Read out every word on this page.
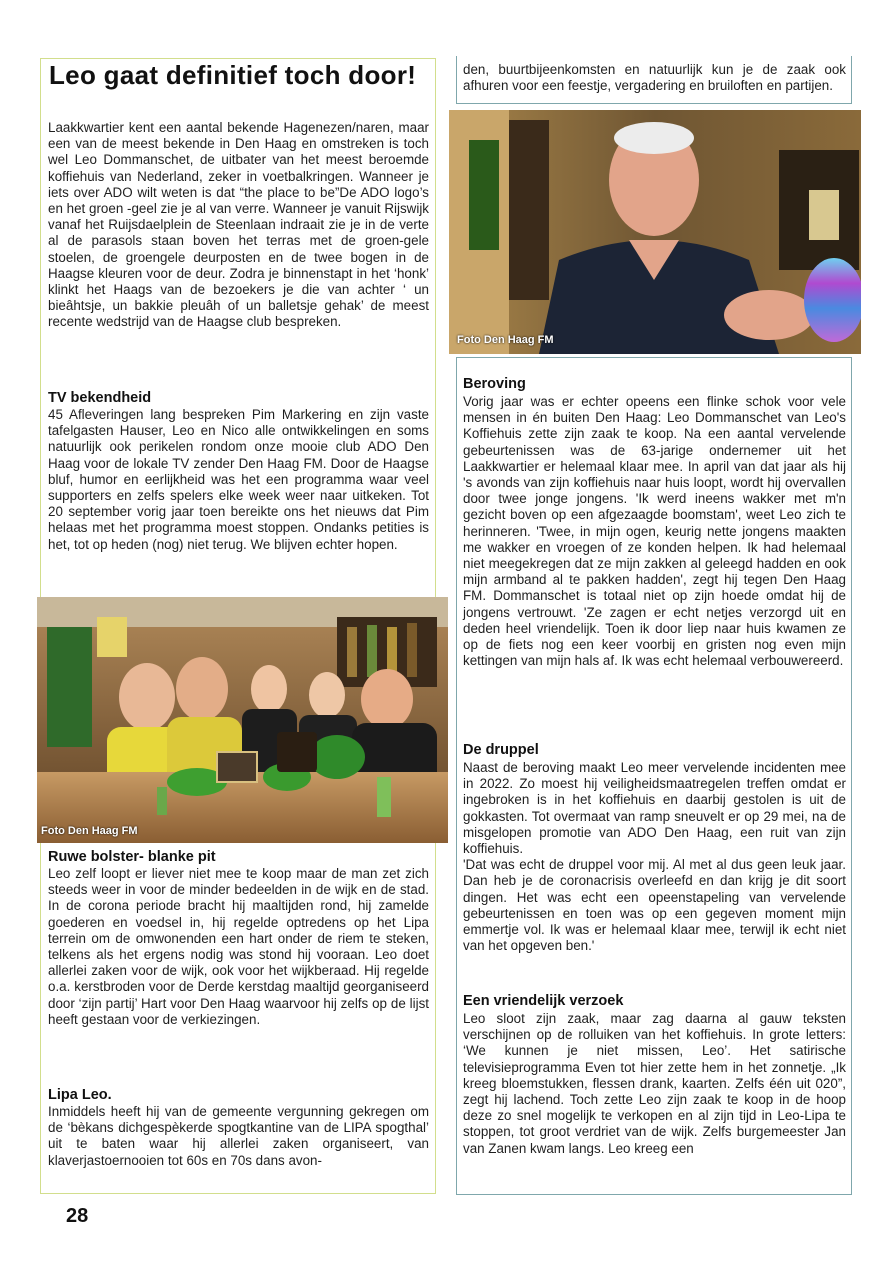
Leo gaat definitief toch door!
Laakkwartier kent een aantal bekende Hagenezen/naren, maar een van de meest bekende in Den Haag en omstreken is toch wel Leo Dommanschet, de uitbater van het meest beroemde koffiehuis van Nederland, zeker in voetbalkringen. Wanneer je iets over ADO wilt weten is dat “the place to be”De ADO logo’s en het groen -geel zie je al van verre. Wanneer je vanuit Rijswijk vanaf het Ruijsdaelplein de Steenlaan indraait zie je in de verte al de parasols staan boven het terras met de groen-gele stoelen, de groengele deurposten en de twee bogen in de Haagse kleuren voor de deur. Zodra je binnenstapt in het ‘honk’ klinkt het Haags van de bezoekers je die van achter ‘ un bieâhtsje, un bakkie pleuâh of un balletsje gehak’ de meest recente wedstrijd van de Haagse club bespreken.
TV bekendheid
45 Afleveringen lang bespreken Pim Markering en zijn vaste tafelgasten Hauser, Leo en Nico alle ontwikkelingen en soms natuurlijk ook perikelen rondom onze mooie club ADO Den Haag voor de lokale TV zender Den Haag FM. Door de Haagse bluf, humor en eerlijkheid was het een programma waar veel supporters en zelfs spelers elke week weer naar uitkeken. Tot 20 september vorig jaar toen bereikte ons het nieuws dat Pim helaas met het programma moest stoppen. Ondanks petities is het, tot op heden (nog) niet terug. We blijven echter hopen.
Foto Den Haag FM
Ruwe bolster- blanke pit
Leo zelf loopt er liever niet mee te koop maar de man zet zich steeds weer in voor de minder bedeelden in de wijk en de stad. In de corona periode bracht hij maaltijden rond, hij zamelde goederen en voedsel in, hij regelde optredens op het Lipa terrein om de omwonenden een hart onder de riem te steken, telkens als het ergens nodig was stond hij vooraan. Leo doet allerlei zaken voor de wijk, ook voor het wijkberaad. Hij regelde o.a. kerstbroden voor de Derde kerstdag maaltijd georganiseerd door ‘zijn partij’ Hart voor Den Haag waarvoor hij zelfs op de lijst heeft gestaan voor de verkiezingen.
Lipa Leo.
Inmiddels heeft hij van de gemeente vergunning gekregen om de ‘bèkans dichgespèkerde spogtkantine van de LIPA spogthal’ uit te baten waar hij allerlei zaken organiseert, van klaverjastoernooien tot 60s en 70s dans avon-
den, buurtbijeenkomsten en natuurlijk kun je de zaak ook afhuren voor een feestje, vergadering en bruiloften en partijen.
Foto Den Haag FM
Beroving
Vorig jaar was er echter opeens een flinke schok voor vele mensen in én buiten Den Haag: Leo Dommanschet van Leo's Koffiehuis zette zijn zaak te koop. Na een aantal vervelende gebeurtenissen was de 63-jarige ondernemer uit het Laakkwartier er helemaal klaar mee. In april van dat jaar als hij 's avonds van zijn koffiehuis naar huis loopt, wordt hij overvallen door twee jonge jongens. 'Ik werd ineens wakker met m'n gezicht boven op een afgezaagde boomstam', weet Leo zich te herinneren. 'Twee, in mijn ogen, keurig nette jongens maakten me wakker en vroegen of ze konden helpen. Ik had helemaal niet meegekregen dat ze mijn zakken al geleegd hadden en ook mijn armband al te pakken hadden', zegt hij tegen Den Haag FM. Dommanschet is totaal niet op zijn hoede omdat hij de jongens vertrouwt. 'Ze zagen er echt netjes verzorgd uit en deden heel vriendelijk. Toen ik door liep naar huis kwamen ze op de fiets nog een keer voorbij en gristen nog even mijn kettingen van mijn hals af. Ik was echt helemaal verbouwereerd.
De druppel

Naast de beroving maakt Leo meer vervelende incidenten mee in 2022. Zo moest hij veiligheidsmaatregelen treffen omdat er ingebroken is in het koffiehuis en daarbij gestolen is uit de gokkasten. Tot overmaat van ramp sneuvelt er op 29 mei, na de misgelopen promotie van ADO Den Haag, een ruit van zijn koffiehuis.

'Dat was echt de druppel voor mij. Al met al dus geen leuk jaar. Dan heb je de coronacrisis overleefd en dan krijg je dit soort dingen. Het was echt een opeenstapeling van vervelende gebeurtenissen en toen was op een gegeven moment mijn emmertje vol. Ik was er helemaal klaar mee, terwijl ik echt niet van het opgeven ben.'

Een vriendelijk verzoek
Leo sloot zijn zaak, maar zag daarna al gauw teksten verschijnen op de rolluiken van het koffiehuis. In grote letters: ‘We kunnen je niet missen, Leo’. Het satirische televisieprogramma Even tot hier zette hem in het zonnetje. „Ik kreeg bloemstukken, flessen drank, kaarten. Zelfs één uit 020”, zegt hij lachend. Toch zette Leo zijn zaak te koop in de hoop deze zo snel mogelijk te verkopen en al zijn tijd in Leo-Lipa te stoppen, tot groot verdriet van de wijk. Zelfs burgemeester Jan van Zanen kwam langs. Leo kreeg een
28
